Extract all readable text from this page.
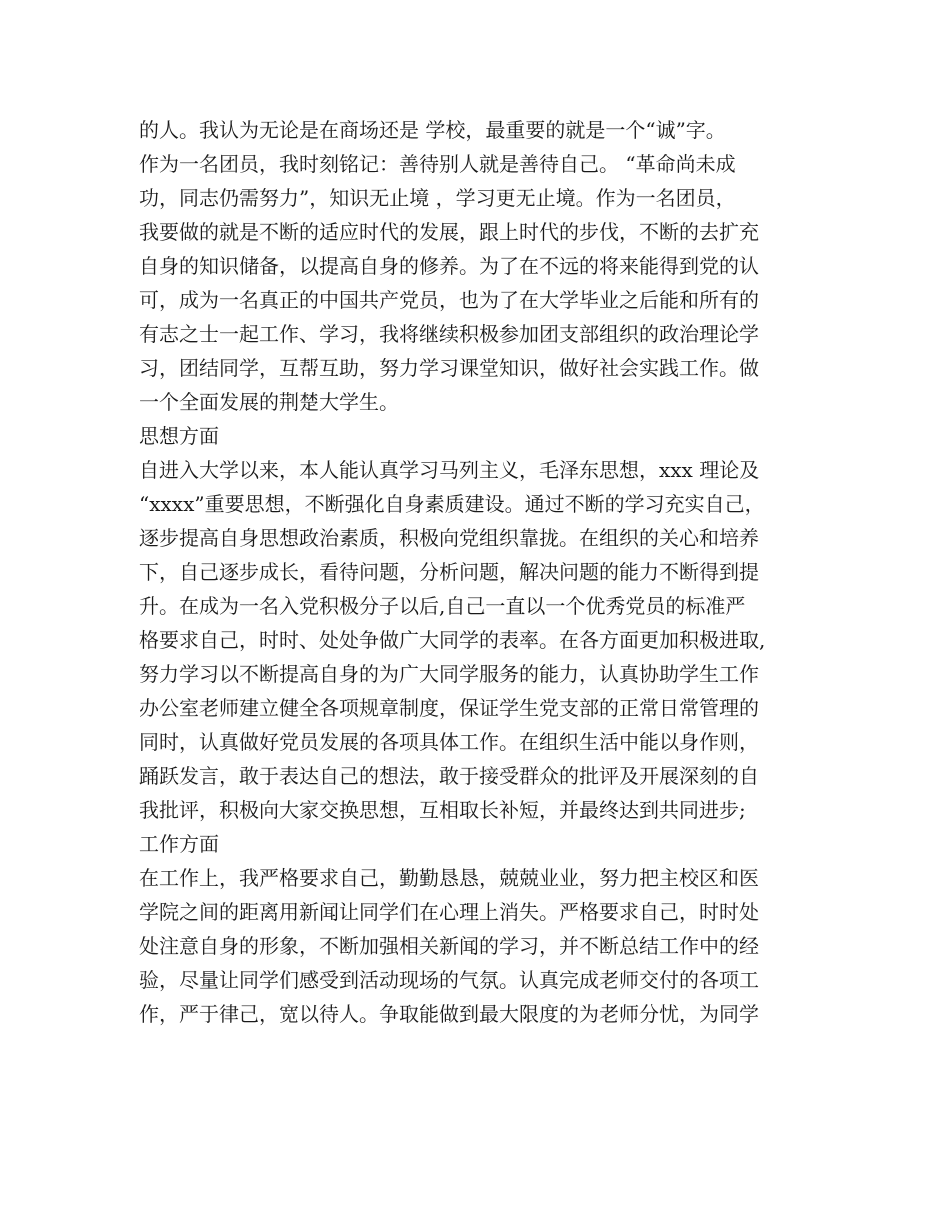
的人。我认为无论是在商场还是 学校，最重要的就是一个“诚”字。
作为一名团员，我时刻铭记：善待别人就是善待自己。 “革命尚未成
功，同志仍需努力”，知识无止境 ，学习更无止境。作为一名团员，
我要做的就是不断的适应时代的发展，跟上时代的步伐，不断的去扩充
自身的知识储备，以提高自身的修养。为了在不远的将来能得到党的认
可，成为一名真正的中国共产党员，也为了在大学毕业之后能和所有的
有志之士一起工作、学习，我将继续积极参加团支部组织的政治理论学
习，团结同学，互帮互助，努力学习课堂知识，做好社会实践工作。做
一个全面发展的荆楚大学生。
思想方面
自进入大学以来，本人能认真学习马列主义，毛泽东思想，xxx 理论及
“xxxx”重要思想，不断强化自身素质建设。通过不断的学习充实自己，
逐步提高自身思想政治素质，积极向党组织靠拢。在组织的关心和培养
下，自己逐步成长，看待问题，分析问题，解决问题的能力不断得到提
升。在成为一名入党积极分子以后,自己一直以一个优秀党员的标准严
格要求自己，时时、处处争做广大同学的表率。在各方面更加积极进取,
努力学习以不断提高自身的为广大同学服务的能力，认真协助学生工作
办公室老师建立健全各项规章制度，保证学生党支部的正常日常管理的
同时，认真做好党员发展的各项具体工作。在组织生活中能以身作则，
踊跃发言，敢于表达自己的想法，敢于接受群众的批评及开展深刻的自
我批评，积极向大家交换思想，互相取长补短，并最终达到共同进步;
工作方面
在工作上，我严格要求自己，勤勤恳恳，兢兢业业，努力把主校区和医
学院之间的距离用新闻让同学们在心理上消失。严格要求自己，时时处
处注意自身的形象，不断加强相关新闻的学习，并不断总结工作中的经
验，尽量让同学们感受到活动现场的气氛。认真完成老师交付的各项工
作，严于律己，宽以待人。争取能做到最大限度的为老师分忧，为同学
